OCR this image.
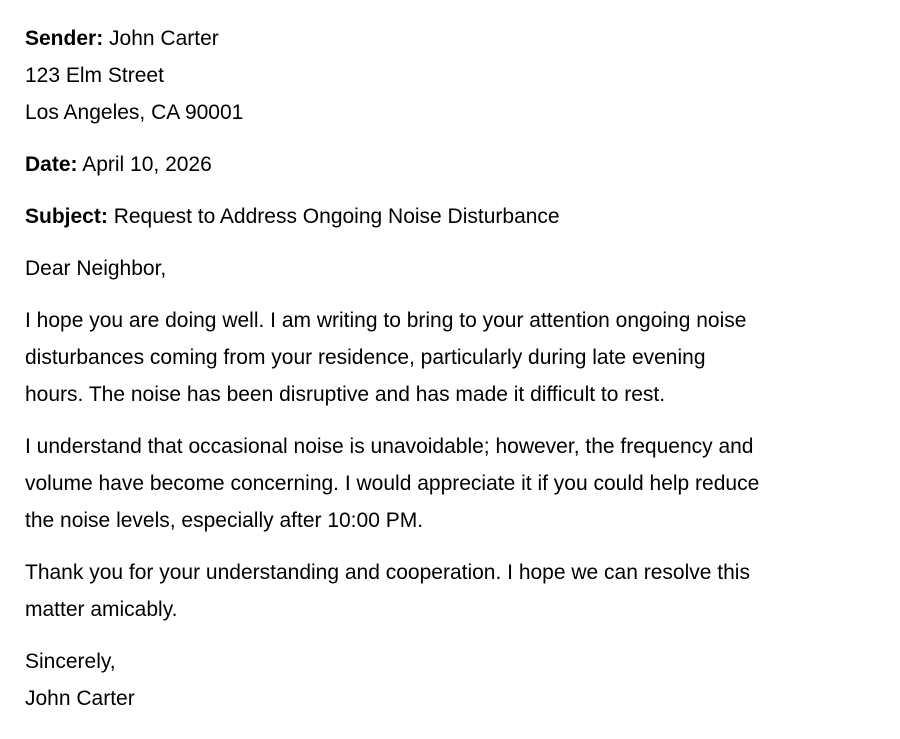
Sender: John Carter
123 Elm Street
Los Angeles, CA 90001
Date: April 10, 2026
Subject: Request to Address Ongoing Noise Disturbance
Dear Neighbor,
I hope you are doing well. I am writing to bring to your attention ongoing noise
disturbances coming from your residence, particularly during late evening
hours. The noise has been disruptive and has made it difficult to rest.
I understand that occasional noise is unavoidable; however, the frequency and
volume have become concerning. I would appreciate it if you could help reduce
the noise levels, especially after 10:00 PM.
Thank you for your understanding and cooperation. I hope we can resolve this
matter amicably.
Sincerely,
John Carter
